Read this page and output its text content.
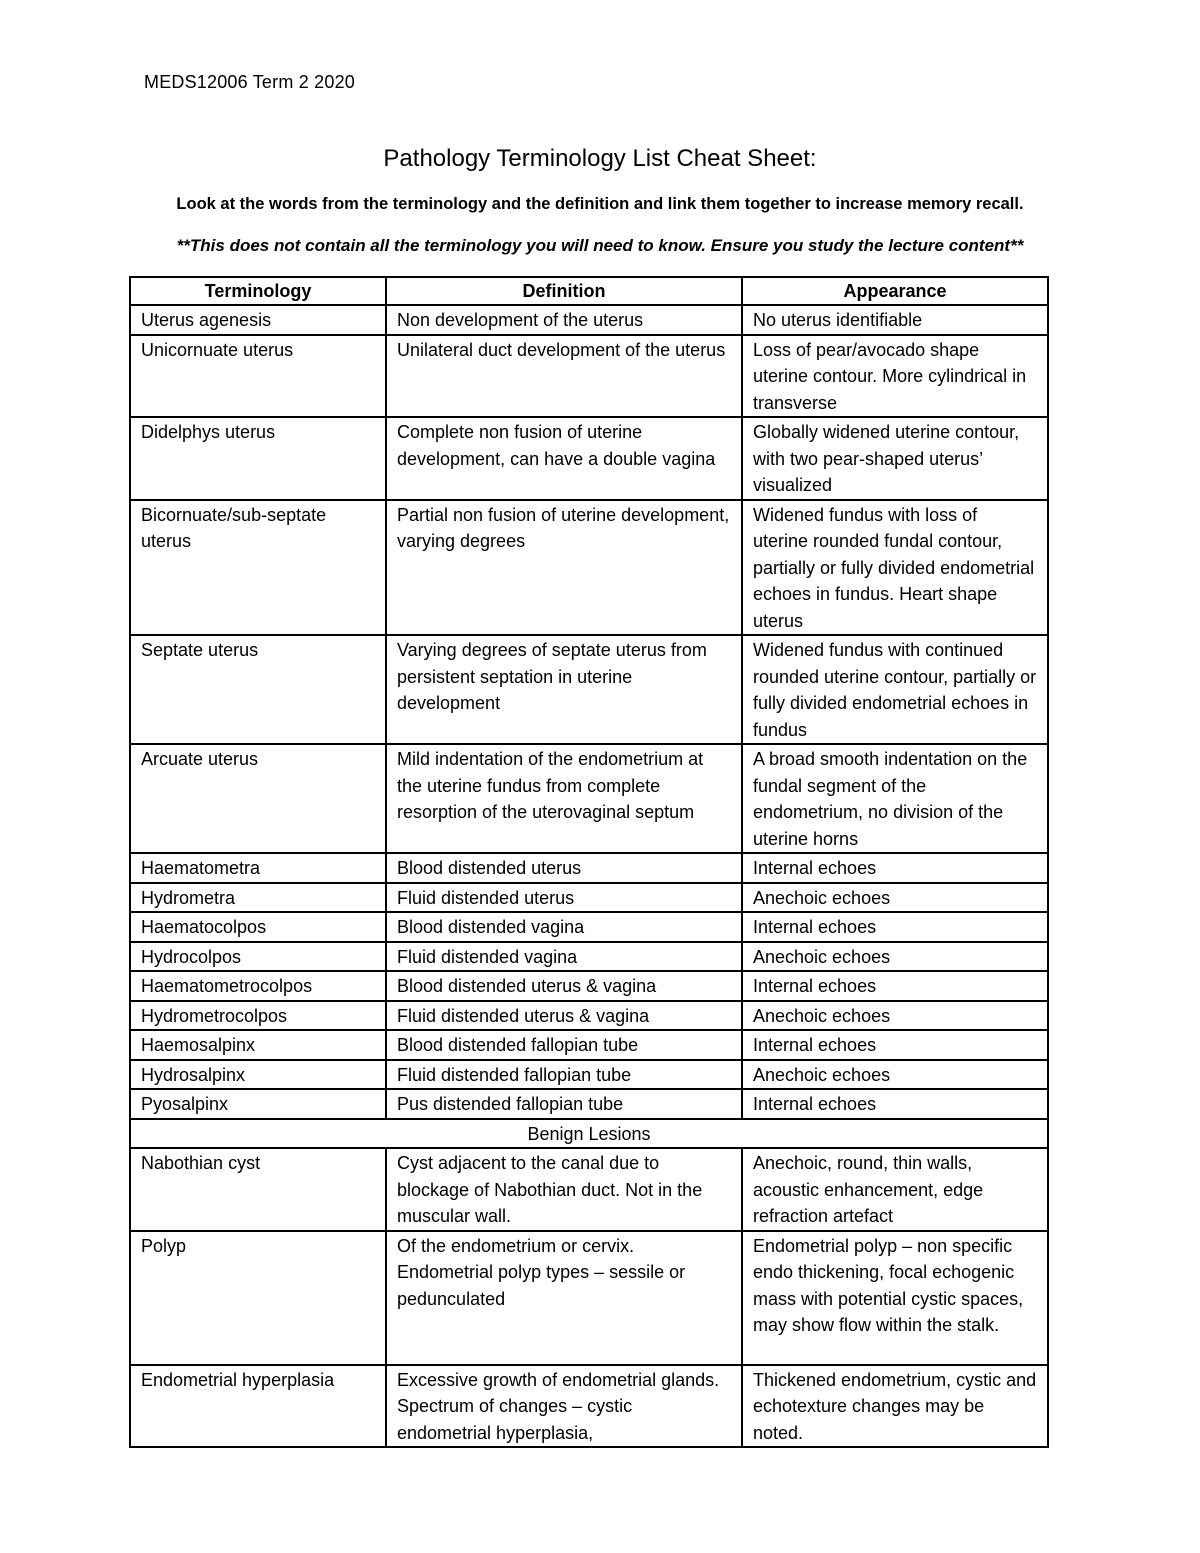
MEDS12006 Term 2 2020
Pathology Terminology List Cheat Sheet:
Look at the words from the terminology and the definition and link them together to increase memory recall.
**This does not contain all the terminology you will need to know. Ensure you study the lecture content**
Terminology	Definition	Appearance
Uterus agenesis	Non development of the uterus	No uterus identifiable
Unicornuate uterus	Unilateral duct development of the uterus	Loss of pear/avocado shape uterine contour. More cylindrical in transverse
Didelphys uterus	Complete non fusion of uterine development, can have a double vagina	Globally widened uterine contour, with two pear-shaped uterus’ visualized
Bicornuate/sub-septate uterus	Partial non fusion of uterine development, varying degrees	Widened fundus with loss of uterine rounded fundal contour, partially or fully divided endometrial echoes in fundus. Heart shape uterus
Septate uterus	Varying degrees of septate uterus from persistent septation in uterine development	Widened fundus with continued rounded uterine contour, partially or fully divided endometrial echoes in fundus
Arcuate uterus	Mild indentation of the endometrium at the uterine fundus from complete resorption of the uterovaginal septum	A broad smooth indentation on the fundal segment of the endometrium, no division of the uterine horns
Haematometra	Blood distended uterus	Internal echoes
Hydrometra	Fluid distended uterus	Anechoic echoes
Haematocolpos	Blood distended vagina	Internal echoes
Hydrocolpos	Fluid distended vagina	Anechoic echoes
Haematometrocolpos	Blood distended uterus & vagina	Internal echoes
Hydrometrocolpos	Fluid distended uterus & vagina	Anechoic echoes
Haemosalpinx	Blood distended fallopian tube	Internal echoes
Hydrosalpinx	Fluid distended fallopian tube	Anechoic echoes
Pyosalpinx	Pus distended fallopian tube	Internal echoes
Benign Lesions		
Nabothian cyst	Cyst adjacent to the canal due to blockage of Nabothian duct. Not in the muscular wall.	Anechoic, round, thin walls, acoustic enhancement, edge refraction artefact
Polyp	Of the endometrium or cervix. Endometrial polyp types – sessile or pedunculated	Endometrial polyp – non specific endo thickening, focal echogenic mass with potential cystic spaces, may show flow within the stalk.
Endometrial hyperplasia	Excessive growth of endometrial glands. Spectrum of changes – cystic endometrial hyperplasia,	Thickened endometrium, cystic and echotexture changes may be noted.
